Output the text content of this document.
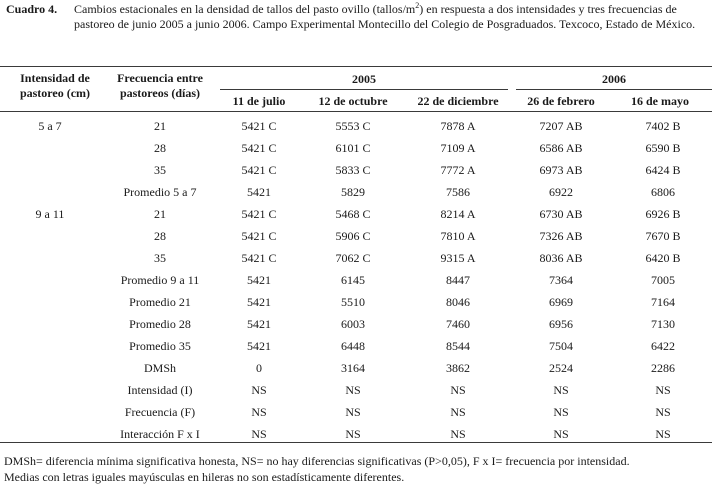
Cuadro 4. Cambios estacionales en la densidad de tallos del pasto ovillo $(tallos/m^2)$ en respuesta a dos intensidades y tres frecuencias de pastoreo de junio 2005 a junio 2006. Campo Experimental Montecillo del Colegio de Posgraduados. Texcoco, Estado de México.
Intensidad de pastoreo (cm)
Frecuencia entre pastoreos (días)
2005	2006
11 de julio	12 de octubre	22 de diciembre	26 de febrero	16 de mayo
5 a 7	21	5421 C	5553 C	7878 A	7207 AB	7402 B
	28	5421 C	6101 C	7109 A	6586 AB	6590 B
	35	5421 C	5833 C	7772 A	6973 AB	6424 B
	Promedio 5 a 7	5421	5829	7586	6922	6806
9 a 11	21	5421 C	5468 C	8214 A	6730 AB	6926 B
	28	5421 C	5906 C	7810 A	7326 AB	7670 B
	35	5421 C	7062 C	9315 A	8036 AB	6420 B
	Promedio 9 a 11	5421	6145	8447	7364	7005
	Promedio 21	5421	5510	8046	6969	7164
	Promedio 28	5421	6003	7460	6956	7130
	Promedio 35	5421	6448	8544	7504	6422
	DMSh	0	3164	3862	2524	2286
	Intensidad (I)	NS	NS	NS	NS	NS
	Frecuencia (F)	NS	NS	NS	NS	NS
	Interacción F x I	NS	NS	NS	NS	NS
DMSh= diferencia mínima significativa honesta, NS= no hay diferencias significativas (P>0,05), F x I= frecuencia por intensidad.
Medias con letras iguales mayúsculas en hileras no son estadísticamente diferentes.
